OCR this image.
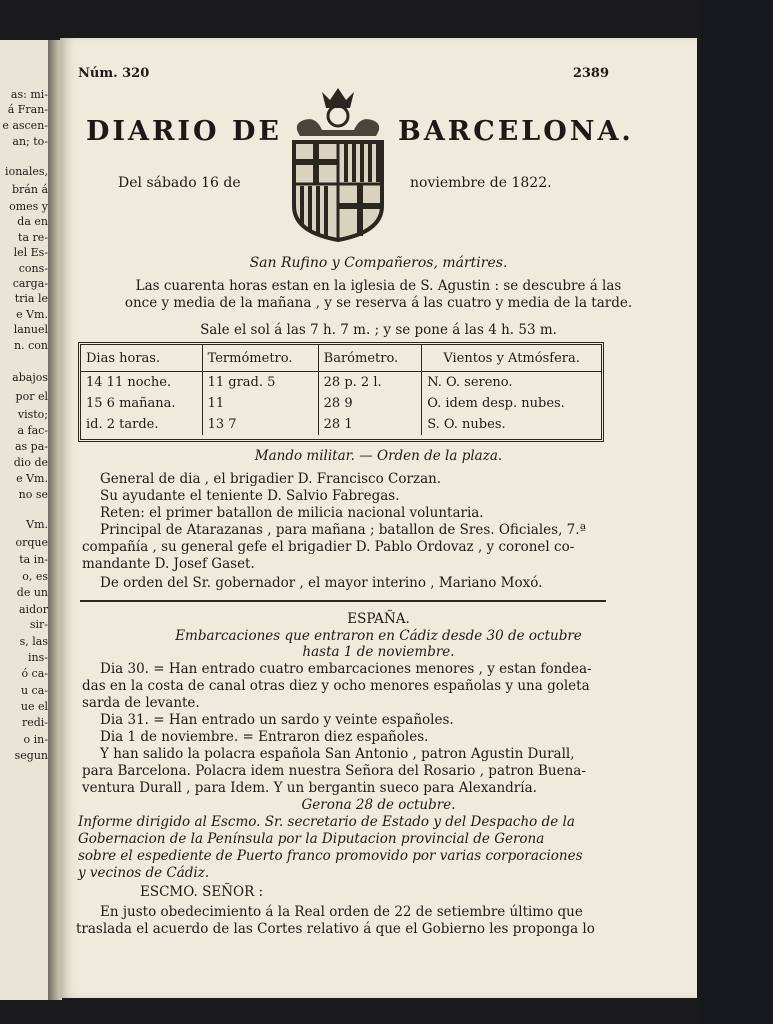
as: mi-
á Fran-
e ascen-
an; to-
ionales,
brán á
omes y
da en
ta re-
lel Es-
cons-
carga-
tria le
e Vm.
lanuel
n. con
abajos
por el
visto;
a fac-
as pa-
dio de
e Vm.
no se
Vm.
orque
ta in-
o, es
de un
aidor
sir-
s, las
ins-
ó ca-
u ca-
ue el
redi-
o in-
segun
Núm. 320	2389
DIARIO DE	BARCELONA.
Del sábado 16 de	noviembre de 1822.
San Rufino y Compañeros, mártires.
Las cuarenta horas estan en la iglesia de S. Agustin : se descubre á las
once y media de la mañana , y se reserva á las cuatro y media de la tarde.
Sale el sol á las 7 h. 7 m. ; y se pone á las 4 h. 53 m.
Dias horas.	Termómetro.	Barómetro.	Vientos y Atmósfera.
14 11 noche.	11 grad. 5	28 p. 2 l.	N. O. sereno.
15 6 mañana.	11	28 9	O. idem desp. nubes.
id. 2 tarde.	13 7	28 1	S. O. nubes.
Mando militar. — Orden de la plaza.
General de dia , el brigadier D. Francisco Corzan.
Su ayudante el teniente D. Salvio Fabregas.
Reten: el primer batallon de milicia nacional voluntaria.
Principal de Atarazanas , para mañana ; batallon de Sres. Oficiales, 7.ª
compañía , su general gefe el brigadier D. Pablo Ordovaz , y coronel co-
mandante D. Josef Gaset.
De orden del Sr. gobernador , el mayor interino , Mariano Moxó.
ESPAÑA.
Embarcaciones que entraron en Cádiz desde 30 de octubre
hasta 1 de noviembre.
Dia 30. = Han entrado cuatro embarcaciones menores , y estan fondea-
das en la costa de canal otras diez y ocho menores españolas y una goleta
sarda de levante.
Dia 31. = Han entrado un sardo y veinte españoles.
Dia 1 de noviembre. = Entraron diez españoles.
Y han salido la polacra española San Antonio , patron Agustin Durall,
para Barcelona. Polacra idem nuestra Señora del Rosario , patron Buena-
ventura Durall , para Idem. Y un bergantin sueco para Alexandría.
Gerona 28 de octubre.
Informe dirigido al Escmo. Sr. secretario de Estado y del Despacho de la
Gobernacion de la Península por la Diputacion provincial de Gerona
sobre el espediente de Puerto franco promovido por varias corporaciones
y vecinos de Cádiz.
ESCMO. SEÑOR :
En justo obedecimiento á la Real orden de 22 de setiembre último que
traslada el acuerdo de las Cortes relativo á que el Gobierno les proponga lo
